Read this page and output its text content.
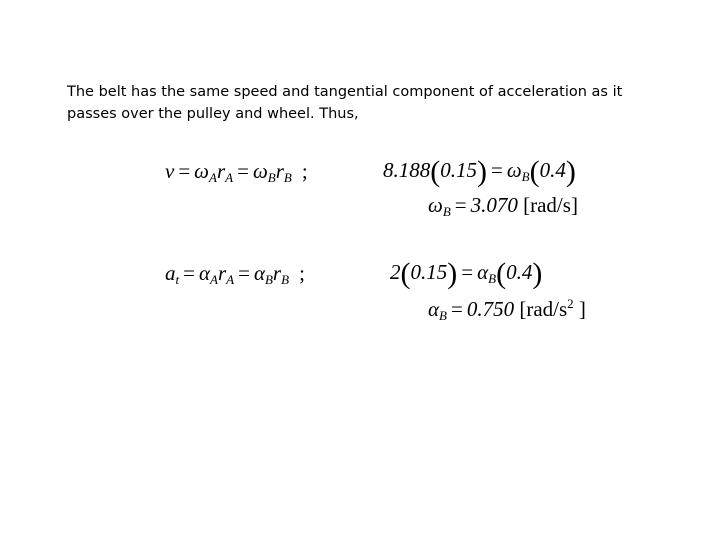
The belt has the same speed and tangential component of acceleration as it
passes over the pulley and wheel. Thus,
$v = \omega_Ar_A = \omega_Br_B$ ;	$8.188(0.15) = \omega_B(0.4)$
$\omega_B = 3.070$ [rad/s]
$a_t = \alpha_Ar_A = \alpha_Br_B$ ;	$2(0.15) = \alpha_B(0.4)$
$\alpha_B = 0.750$ [$rad/s^2$ ]
